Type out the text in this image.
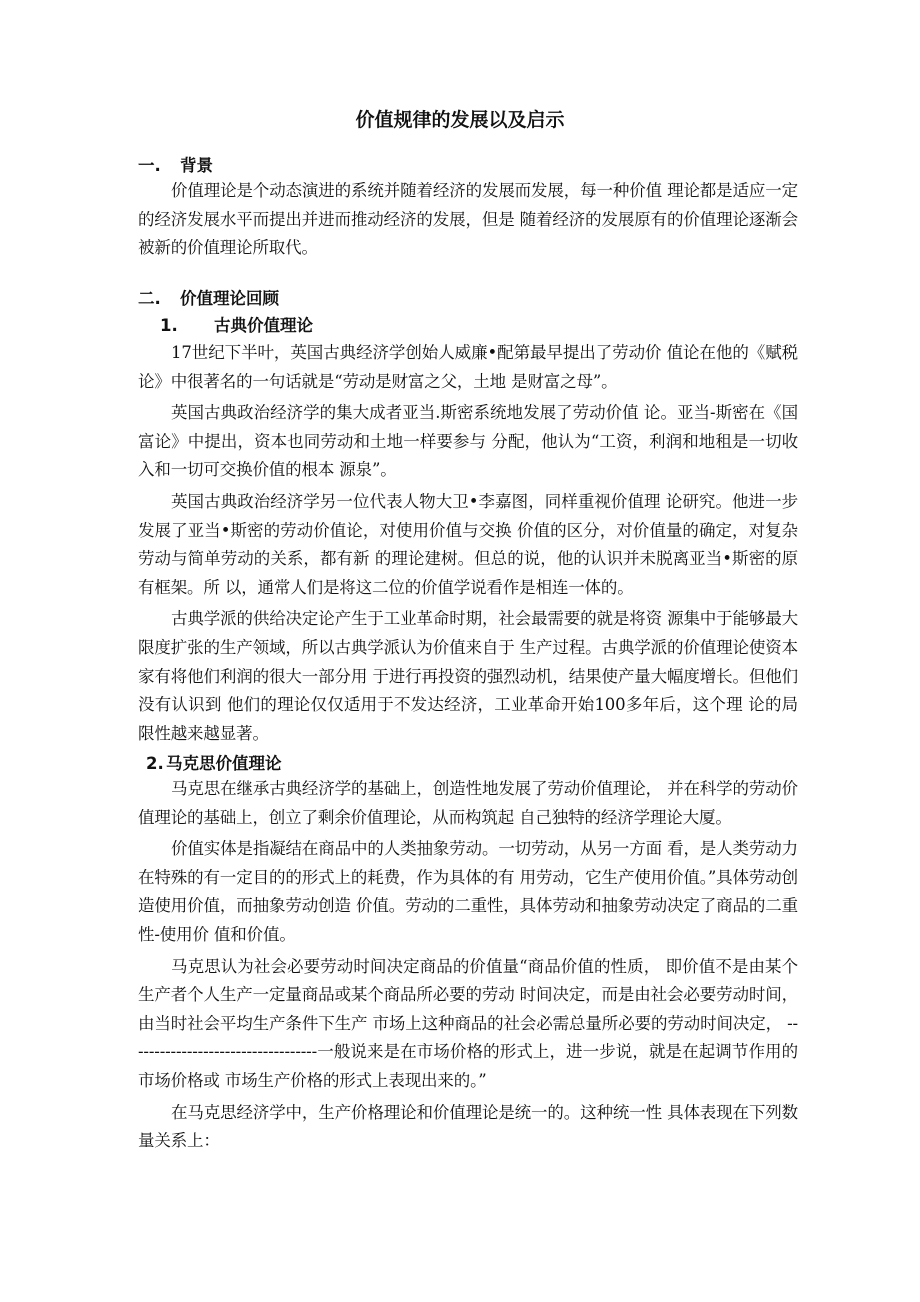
价值规律的发展以及启示
一. 背景

价值理论是个动态演进的系统并随着经济的发展而发展，每一种价值 理论都是适应一定的经济发展水平而提出并进而推动经济的发展，但是 随着经济的发展原有的价值理论逐渐会被新的价值理论所取代。

二. 价值理论回顾
1. 古典价值理论

17世纪下半叶，英国古典经济学创始人威廉•配第最早提出了劳动价 值论在他的《赋税论》中很著名的一句话就是“劳动是财富之父，土地 是财富之母”。

英国古典政治经济学的集大成者亚当.斯密系统地发展了劳动价值 论。亚当-斯密在《国富论》中提出，资本也同劳动和土地一样要参与 分配，他认为“工资，利润和地租是一切收入和一切可交换价值的根本 源泉”。

英国古典政治经济学另一位代表人物大卫•李嘉图，同样重视价值理 论研究。他进一步发展了亚当•斯密的劳动价值论，对使用价值与交换 价值的区分，对价值量的确定，对复杂劳动与简单劳动的关系，都有新 的理论建树。但总的说，他的认识并未脱离亚当•斯密的原有框架。所 以，通常人们是将这二位的价值学说看作是相连一体的。

古典学派的供给决定论产生于工业革命时期，社会最需要的就是将资 源集中于能够最大限度扩张的生产领域，所以古典学派认为价值来自于 生产过程。古典学派的价值理论使资本家有将他们利润的很大一部分用 于进行再投资的强烈动机，结果使产量大幅度增长。但他们没有认识到 他们的理论仅仅适用于不发达经济，工业革命开始100多年后，这个理 论的局限性越来越显著。

2. 马克思价值理论

马克思在继承古典经济学的基础上，创造性地发展了劳动价值理论， 并在科学的劳动价值理论的基础上，创立了剩余价值理论，从而构筑起 自己独特的经济学理论大厦。

价值实体是指凝结在商品中的人类抽象劳动。一切劳动，从另一方面 看，是人类劳动力在特殊的有一定目的的形式上的耗费，作为具体的有 用劳动，它生产使用价值。”具体劳动创造使用价值，而抽象劳动创造 价值。劳动的二重性，具体劳动和抽象劳动决定了商品的二重性-使用价 值和价值。

马克思认为社会必要劳动时间决定商品的价值量“商品价值的性质， 即价值不是由某个生产者个人生产一定量商品或某个商品所必要的劳动 时间决定，而是由社会必要劳动时间，由当时社会平均生产条件下生产 市场上这种商品的社会必需总量所必要的劳动时间决定， -----------------------------------一般说来是在市场价格的形式上，进一步说，就是在起调节作用的市场价格或 市场生产价格的形式上表现出来的。”

在马克思经济学中，生产价格理论和价值理论是统一的。这种统一性 具体表现在下列数量关系上：
